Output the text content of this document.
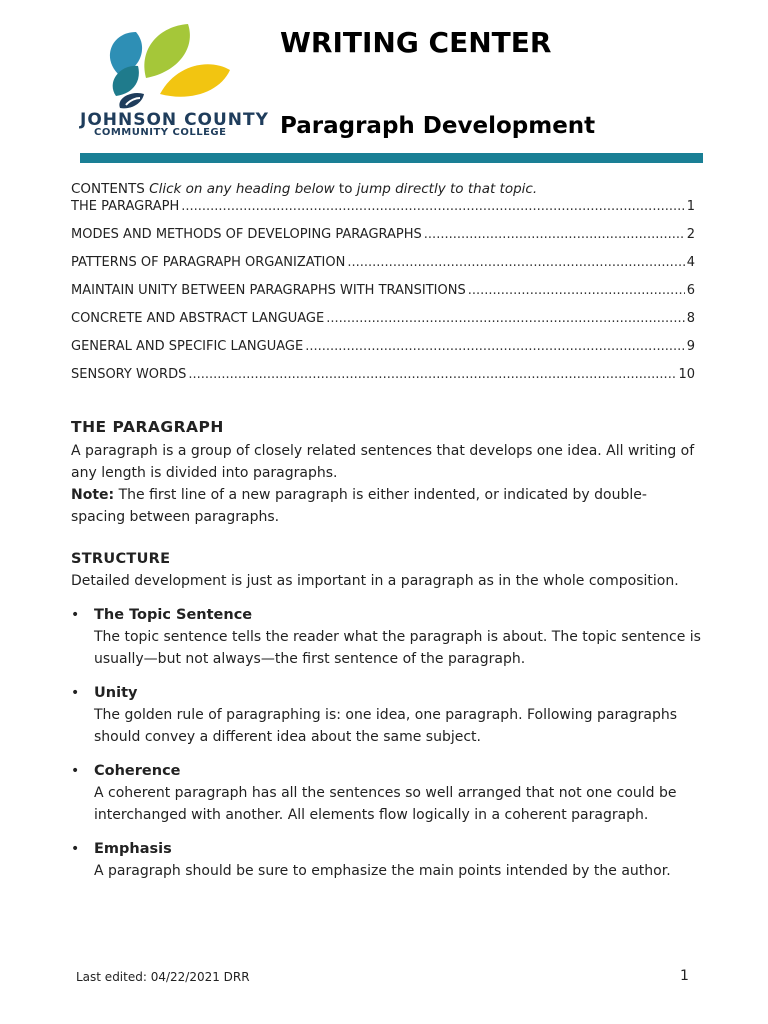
JOHNSON COUNTY
COMMUNITY COLLEGE
WRITING CENTER
Paragraph Development
CONTENTS Click on any heading below to jump directly to that topic.
THE PARAGRAPH .....	1
MODES AND METHODS OF DEVELOPING PARAGRAPHS .....	2
PATTERNS OF PARAGRAPH ORGANIZATION .....	4
MAINTAIN UNITY BETWEEN PARAGRAPHS WITH TRANSITIONS .....	6
CONCRETE AND ABSTRACT LANGUAGE .....	8
GENERAL AND SPECIFIC LANGUAGE .....	9
SENSORY WORDS .....	10
THE PARAGRAPH

A paragraph is a group of closely related sentences that develops one idea. All writing of any length is divided into paragraphs.

Note: The first line of a new paragraph is either indented, or indicated by double-spacing between paragraphs.

STRUCTURE

Detailed development is just as important in a paragraph as in the whole composition.

• The Topic Sentence
The topic sentence tells the reader what the paragraph is about. The topic sentence is usually—but not always—the first sentence of the paragraph.
• Unity
The golden rule of paragraphing is: one idea, one paragraph. Following paragraphs should convey a different idea about the same subject.
• Coherence
A coherent paragraph has all the sentences so well arranged that not one could be interchanged with another. All elements flow logically in a coherent paragraph.
• Emphasis
A paragraph should be sure to emphasize the main points intended by the author.
Last edited: 04/22/2021 DRR	1
